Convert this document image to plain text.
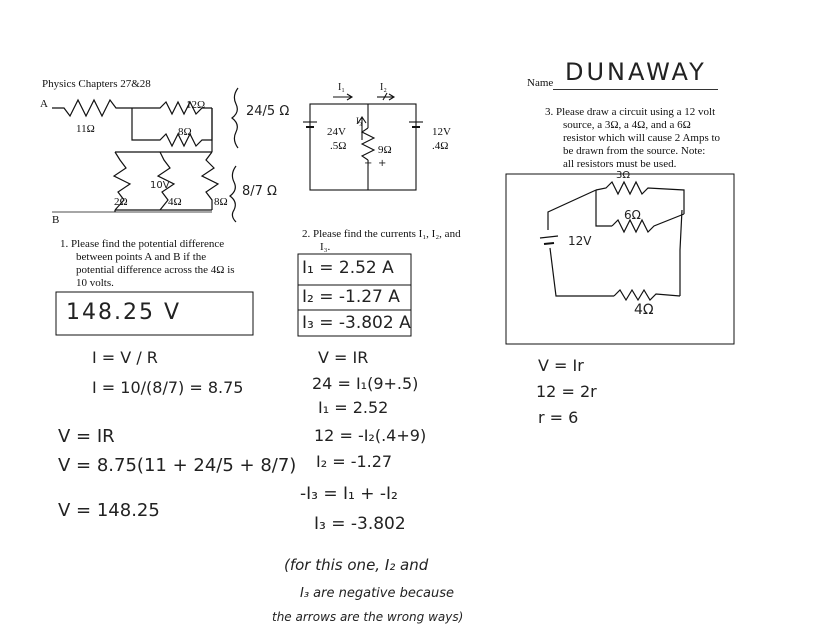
Physics Chapters 27&28	Name DUNAWAY
A
B
12Ω
11Ω	8Ω
2Ω	4Ω	8Ω
10V
24/5 Ω
8/7 Ω
1. Please find the potential difference
between points A and B if the
potential difference across the 4Ω is
10 volts.
148.25 V
I = V / R
I = 10/(8/7) = 8.75
V = IR
V = 8.75(11 + 24/5 + 8/7)
V = 148.25
I₁	I₂
I₃
24V
.5Ω
12V
.4Ω
9Ω
+ +
2. Please find the currents I₁, I₂, and
I₃.
I₁ = 2.52 A
I₂ = -1.27 A
I₃ = -3.802 A
V = IR
24 = I₁(9+.5)
I₁ = 2.52
12 = -I₂(.4+9)
I₂ = -1.27
-I₃ = I₁ + -I₂
I₃ = -3.802
(for this one, I₂ and
I₃ are negative because
the arrows are the wrong ways)
3. Please draw a circuit using a 12 volt
source, a 3Ω, a 4Ω, and a 6Ω
resistor which will cause 2 Amps to
be drawn from the source. Note:
all resistors must be used.
3Ω
6Ω
12V
4Ω
V = Ir
12 = 2r
r = 6
